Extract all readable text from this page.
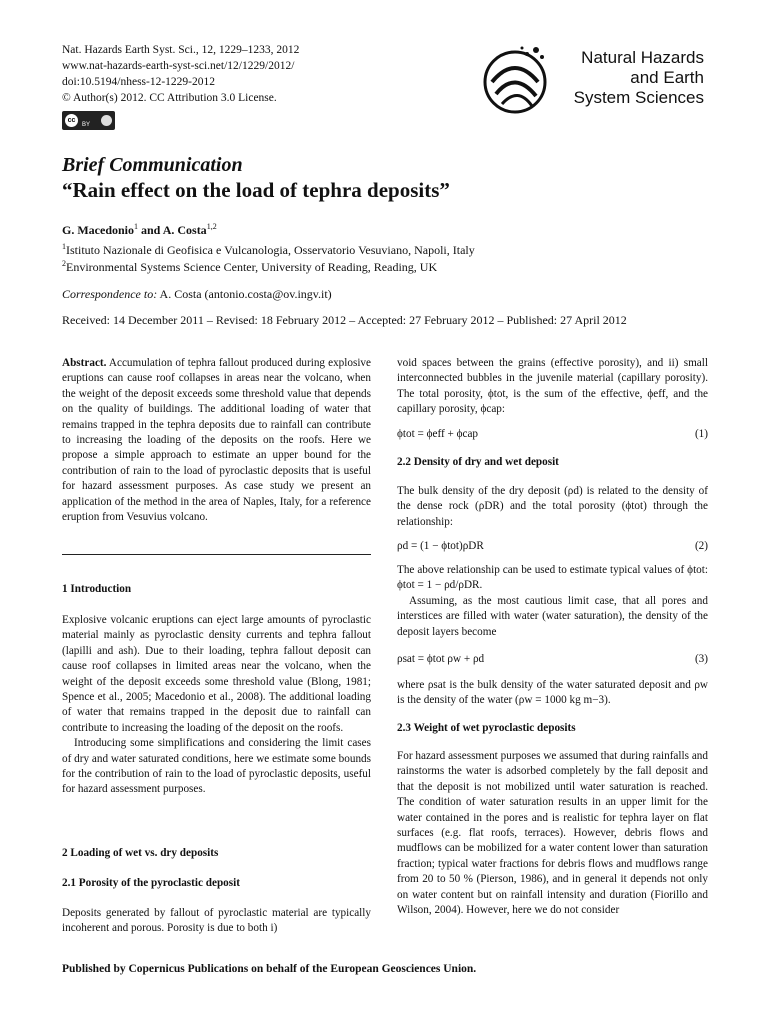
Nat. Hazards Earth Syst. Sci., 12, 1229–1233, 2012
www.nat-hazards-earth-syst-sci.net/12/1229/2012/
doi:10.5194/nhess-12-1229-2012
© Author(s) 2012. CC Attribution 3.0 License.
cc
BY
Natural Hazards
and Earth
System Sciences
Brief Communication
“Rain effect on the load of tephra deposits”
G. Macedonio$^1$ and A. Costa$^{1,2}$
$^1$Istituto Nazionale di Geofisica e Vulcanologia, Osservatorio Vesuviano, Napoli, Italy
$^2$Environmental Systems Science Center, University of Reading, Reading, UK
Correspondence to: A. Costa (antonio.costa@ov.ingv.it)
Received: 14 December 2011 – Revised: 18 February 2012 – Accepted: 27 February 2012 – Published: 27 April 2012

Abstract. Accumulation of tephra fallout produced during explosive eruptions can cause roof collapses in areas near the volcano, when the weight of the deposit exceeds some threshold value that depends on the quality of buildings. The additional loading of water that remains trapped in the tephra deposits due to rainfall can contribute to increasing the loading of the deposits on the roofs. Here we propose a simple approach to estimate an upper bound for the contribution of rain to the load of pyroclastic deposits that is useful for hazard assessment purposes. As case study we present an application of the method in the area of Naples, Italy, for a reference eruption from Vesuvius volcano.

1 Introduction

Explosive volcanic eruptions can eject large amounts of pyroclastic material mainly as pyroclastic density currents and tephra fallout (lapilli and ash). Due to their loading, tephra fallout deposit can cause roof collapses in limited areas near the volcano, when the weight of the deposit exceeds some threshold value (Blong, 1981; Spence et al., 2005; Macedonio et al., 2008). The additional loading of water that remains trapped in the deposit due to rainfall can contribute to increasing the loading of the deposit on the roofs.

Introducing some simplifications and considering the limit cases of dry and water saturated conditions, here we estimate some bounds for the contribution of rain to the load of pyroclastic deposits, useful for hazard assessment purposes.

2 Loading of wet vs. dry deposits
2.1 Porosity of the pyroclastic deposit
Deposits generated by fallout of pyroclastic material are typically incoherent and porous. Porosity is due to both i)
void spaces between the grains (effective porosity), and ii) small interconnected bubbles in the juvenile material (capillary porosity). The total porosity, ϕtot, is the sum of the effective, ϕeff, and the capillary porosity, ϕcap:
ϕtot = ϕeff + ϕcap	(1)
2.2 Density of dry and wet deposit
The bulk density of the dry deposit (ρd) is related to the density of the dense rock (ρDR) and the total porosity (ϕtot) through the relationship:
ρd = (1 − ϕtot)ρDR	(2)

The above relationship can be used to estimate typical values of ϕtot: ϕtot = 1 − ρd/ρDR.

Assuming, as the most cautious limit case, that all pores and interstices are filled with water (water saturation), the density of the deposit layers become

ρsat = ϕtot ρw + ρd	(3)
where ρsat is the bulk density of the water saturated deposit and ρw is the density of the water (ρw = 1000 kg m−3).
2.3 Weight of wet pyroclastic deposits
For hazard assessment purposes we assumed that during rainfalls and rainstorms the water is adsorbed completely by the fall deposit and that the deposit is not mobilized until water saturation is reached. The condition of water saturation results in an upper limit for the water contained in the pores and is realistic for tephra layer on flat surfaces (e.g. flat roofs, terraces). However, debris flows and mudflows can be mobilized for a water content lower than saturation fraction; typical water fractions for debris flows and mudflows range from 20 to 50 % (Pierson, 1986), and in general it depends not only on water content but on rainfall intensity and duration (Fiorillo and Wilson, 2004). However, here we do not consider
Published by Copernicus Publications on behalf of the European Geosciences Union.
